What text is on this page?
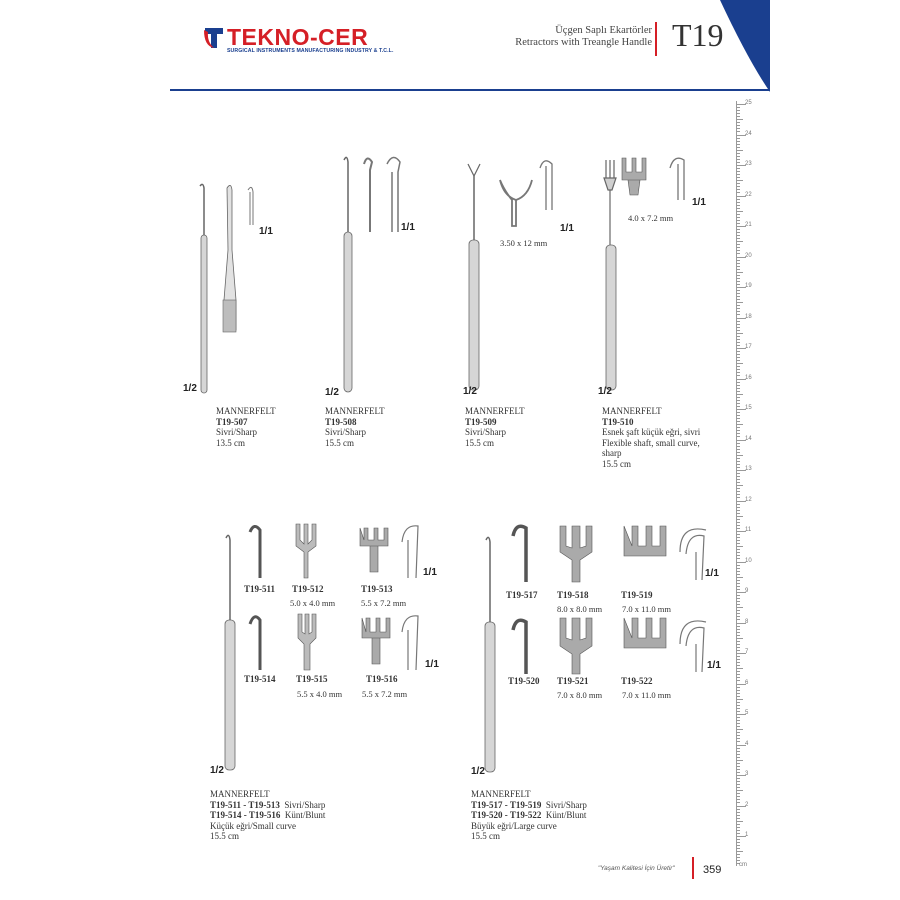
TEKNO-CER
SURGICAL INSTRUMENTS MANUFACTURING INDUSTRY & T.C.L.
Üçgen Saplı Ekartörler
Retractors with Treangle Handle T19
25
24
23
22
21
20
19
18
17
16
15
14
13
12
11
10
9
8
7
6
5
4
3
2
1
cm
1/2
1/1
MANNERFELT
T19-507
Sivri/Sharp
13.5 cm
1/2
1/1
MANNERFELT
T19-508
Sivri/Sharp
15.5 cm
1/2
1/1
3.50 x 12 mm
MANNERFELT
T19-509
Sivri/Sharp
15.5 cm
1/2
1/1
4.0 x 7.2 mm
MANNERFELT
T19-510
Esnek şaft küçük eğri, sivri
Flexible shaft, small curve,
sharp
15.5 cm
1/2
1/1
T19-511 T19-512
5.0 x 4.0 mm
T19-513
5.5 x 7.2 mm
1/1
T19-514 T19-515
5.5 x 4.0 mm
T19-516
5.5 x 7.2 mm
MANNERFELT
T19-511 - T19-513 Sivri/Sharp
T19-514 - T19-516 Künt/Blunt
Küçük eğri/Small curve
15.5 cm
1/2
1/1
T19-517 T19-518
8.0 x 8.0 mm
T19-519
7.0 x 11.0 mm
1/1
T19-520 T19-521
7.0 x 8.0 mm
T19-522
7.0 x 11.0 mm
MANNERFELT
T19-517 - T19-519 Sivri/Sharp
T19-520 - T19-522 Künt/Blunt
Büyük eğri/Large curve
15.5 cm
"Yaşam Kalitesi İçin Üretir"	359
